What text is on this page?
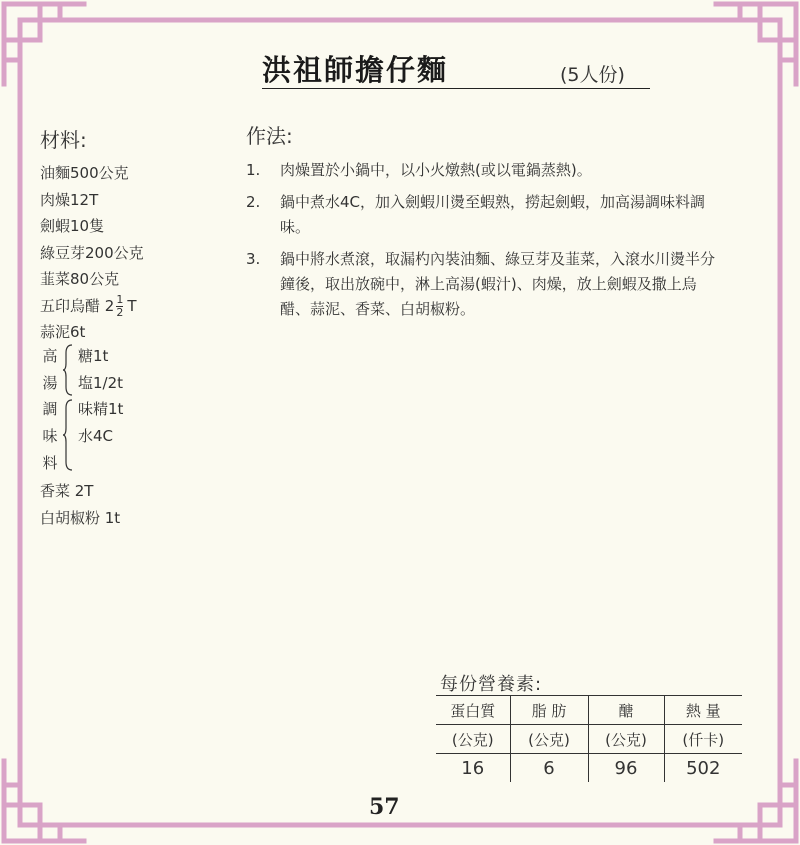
洪祖師擔仔麵	(5人份)
材料:
油麵500公克
肉燥12T
劍蝦10隻
綠豆芽200公克
韮菜80公克
五印烏醋 $2 \frac{1}{2}$ T
蒜泥6t
高
湯
糖1t
塩1/2t
調
味
料
味精1t
水4C
香菜 2T
白胡椒粉 1t
作法:
1. 肉燥置於小鍋中，以小火燉熱(或以電鍋蒸熱)。
2. 鍋中煮水4C，加入劍蝦川燙至蝦熟，撈起劍蝦，加高湯調味料調味。
3. 鍋中將水煮滾，取漏杓內裝油麵、綠豆芽及韮菜，入滾水川燙半分鐘後，取出放碗中，淋上高湯(蝦汁)、肉燥，放上劍蝦及撒上烏醋、蒜泥、香菜、白胡椒粉。
每份營養素:
蛋白質	脂 肪	醣	熱 量
(公克)	(公克)	(公克)	(仟卡)
16	6	96	502
57
